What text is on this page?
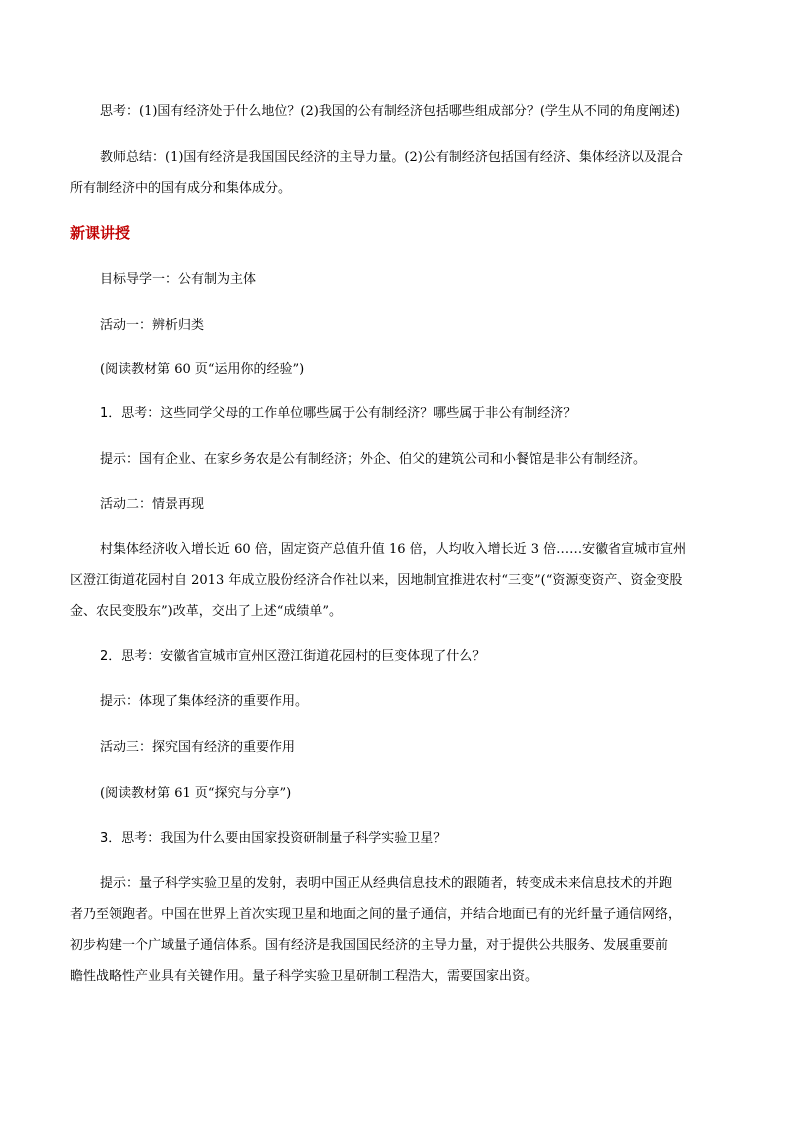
思考：(1)国有经济处于什么地位？(2)我国的公有制经济包括哪些组成部分？(学生从不同的角度阐述)
教师总结：(1)国有经济是我国国民经济的主导力量。(2)公有制经济包括国有经济、集体经济以及混合
所有制经济中的国有成分和集体成分。
新课讲授
目标导学一：公有制为主体
活动一：辨析归类
(阅读教材第 60 页“运用你的经验”)
1．思考：这些同学父母的工作单位哪些属于公有制经济？哪些属于非公有制经济？
提示：国有企业、在家乡务农是公有制经济；外企、伯父的建筑公司和小餐馆是非公有制经济。
活动二：情景再现
村集体经济收入增长近 60 倍，固定资产总值升值 16 倍，人均收入增长近 3 倍……安徽省宣城市宣州
区澄江街道花园村自 2013 年成立股份经济合作社以来，因地制宜推进农村“三变”(“资源变资产、资金变股
金、农民变股东”)改革，交出了上述“成绩单”。
2．思考：安徽省宣城市宣州区澄江街道花园村的巨变体现了什么？
提示：体现了集体经济的重要作用。
活动三：探究国有经济的重要作用
(阅读教材第 61 页“探究与分享”)
3．思考：我国为什么要由国家投资研制量子科学实验卫星？
提示：量子科学实验卫星的发射，表明中国正从经典信息技术的跟随者，转变成未来信息技术的并跑
者乃至领跑者。中国在世界上首次实现卫星和地面之间的量子通信，并结合地面已有的光纤量子通信网络，
初步构建一个广域量子通信体系。国有经济是我国国民经济的主导力量，对于提供公共服务、发展重要前
瞻性战略性产业具有关键作用。量子科学实验卫星研制工程浩大，需要国家出资。
